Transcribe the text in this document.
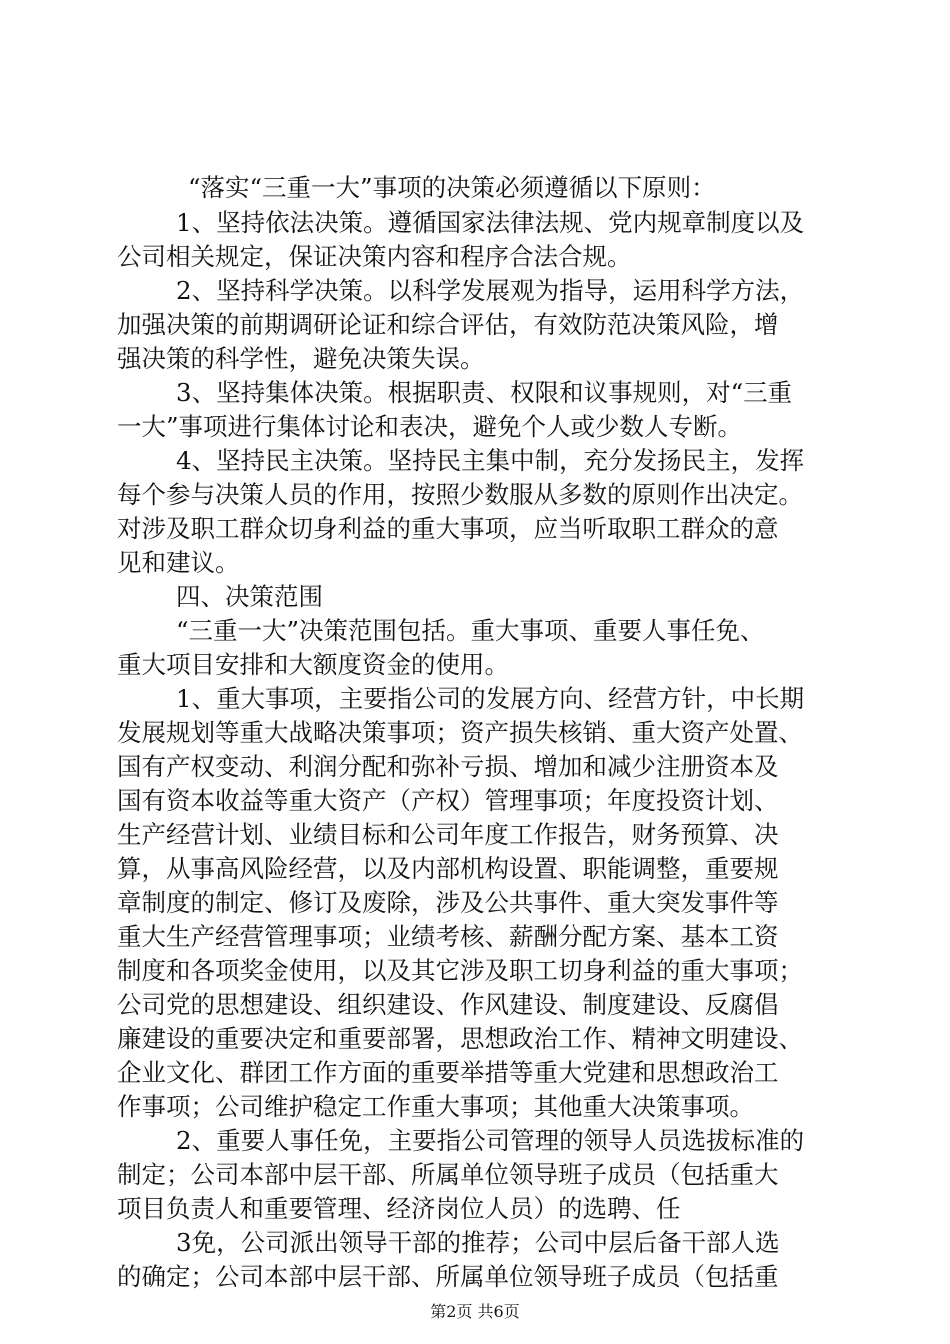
“落实“三重一大”事项的决策必须遵循以下原则：
1、坚持依法决策。遵循国家法律法规、党内规章制度以及
公司相关规定，保证决策内容和程序合法合规。
2、坚持科学决策。以科学发展观为指导，运用科学方法，
加强决策的前期调研论证和综合评估，有效防范决策风险，增
强决策的科学性，避免决策失误。
3、坚持集体决策。根据职责、权限和议事规则，对“三重
一大”事项进行集体讨论和表决，避免个人或少数人专断。
4、坚持民主决策。坚持民主集中制，充分发扬民主，发挥
每个参与决策人员的作用，按照少数服从多数的原则作出决定。
对涉及职工群众切身利益的重大事项，应当听取职工群众的意
见和建议。
四、决策范围
“三重一大”决策范围包括。重大事项、重要人事任免、
重大项目安排和大额度资金的使用。
1、重大事项，主要指公司的发展方向、经营方针，中长期
发展规划等重大战略决策事项；资产损失核销、重大资产处置、
国有产权变动、利润分配和弥补亏损、增加和减少注册资本及
国有资本收益等重大资产（产权）管理事项；年度投资计划、
生产经营计划、业绩目标和公司年度工作报告，财务预算、决
算，从事高风险经营，以及内部机构设置、职能调整，重要规
章制度的制定、修订及废除，涉及公共事件、重大突发事件等
重大生产经营管理事项；业绩考核、薪酬分配方案、基本工资
制度和各项奖金使用，以及其它涉及职工切身利益的重大事项；
公司党的思想建设、组织建设、作风建设、制度建设、反腐倡
廉建设的重要决定和重要部署，思想政治工作、精神文明建设、
企业文化、群团工作方面的重要举措等重大党建和思想政治工
作事项；公司维护稳定工作重大事项；其他重大决策事项。
2、重要人事任免，主要指公司管理的领导人员选拔标准的
制定；公司本部中层干部、所属单位领导班子成员（包括重大
项目负责人和重要管理、经济岗位人员）的选聘、任
3免，公司派出领导干部的推荐；公司中层后备干部人选
的确定；公司本部中层干部、所属单位领导班子成员（包括重
第2页 共6页
